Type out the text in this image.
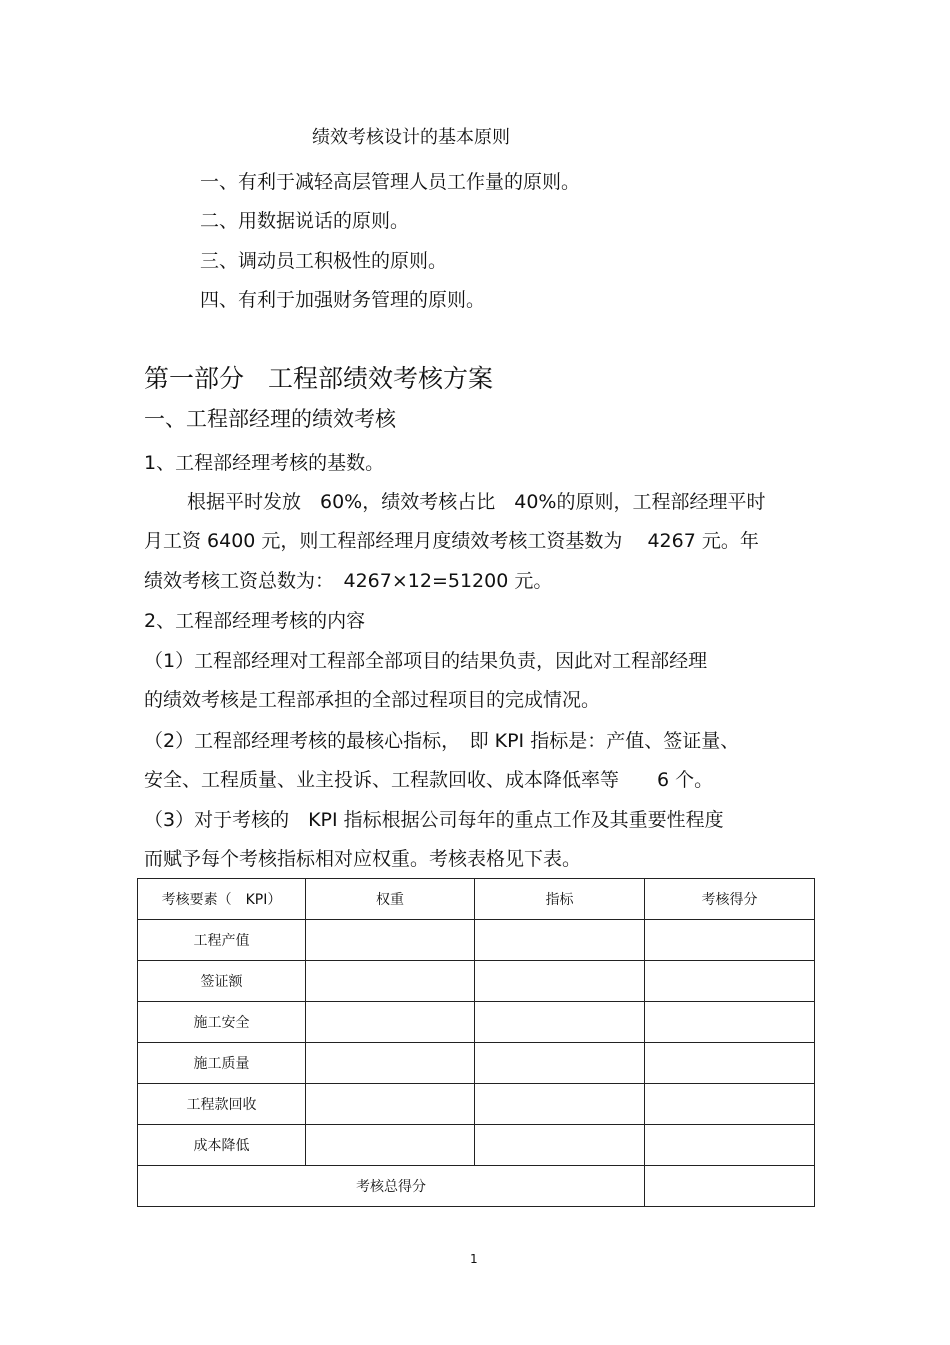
绩效考核设计的基本原则
一、有利于减轻高层管理人员工作量的原则。
二、用数据说话的原则。
三、调动员工积极性的原则。
四、有利于加强财务管理的原则。
第一部分 工程部绩效考核方案
一、工程部经理的绩效考核
1、工程部经理考核的基数。
根据平时发放　60%，绩效考核占比　40%的原则，工程部经理平时
月工资 6400 元，则工程部经理月度绩效考核工资基数为　 4267 元。年
绩效考核工资总数为：　4267×12=51200 元。
2、工程部经理考核的内容
（1）工程部经理对工程部全部项目的结果负责，因此对工程部经理
的绩效考核是工程部承担的全部过程项目的完成情况。
（2）工程部经理考核的最核心指标，　即 KPI 指标是：产值、签证量、
安全、工程质量、业主投诉、工程款回收、成本降低率等　　6 个。
（3）对于考核的　KPI 指标根据公司每年的重点工作及其重要性程度
而赋予每个考核指标相对应权重。考核表格见下表。
考核要素（　KPI）	权重	指标	考核得分
工程产值			
签证额			
施工安全			
施工质量			
工程款回收			
成本降低			
考核总得分			
1
